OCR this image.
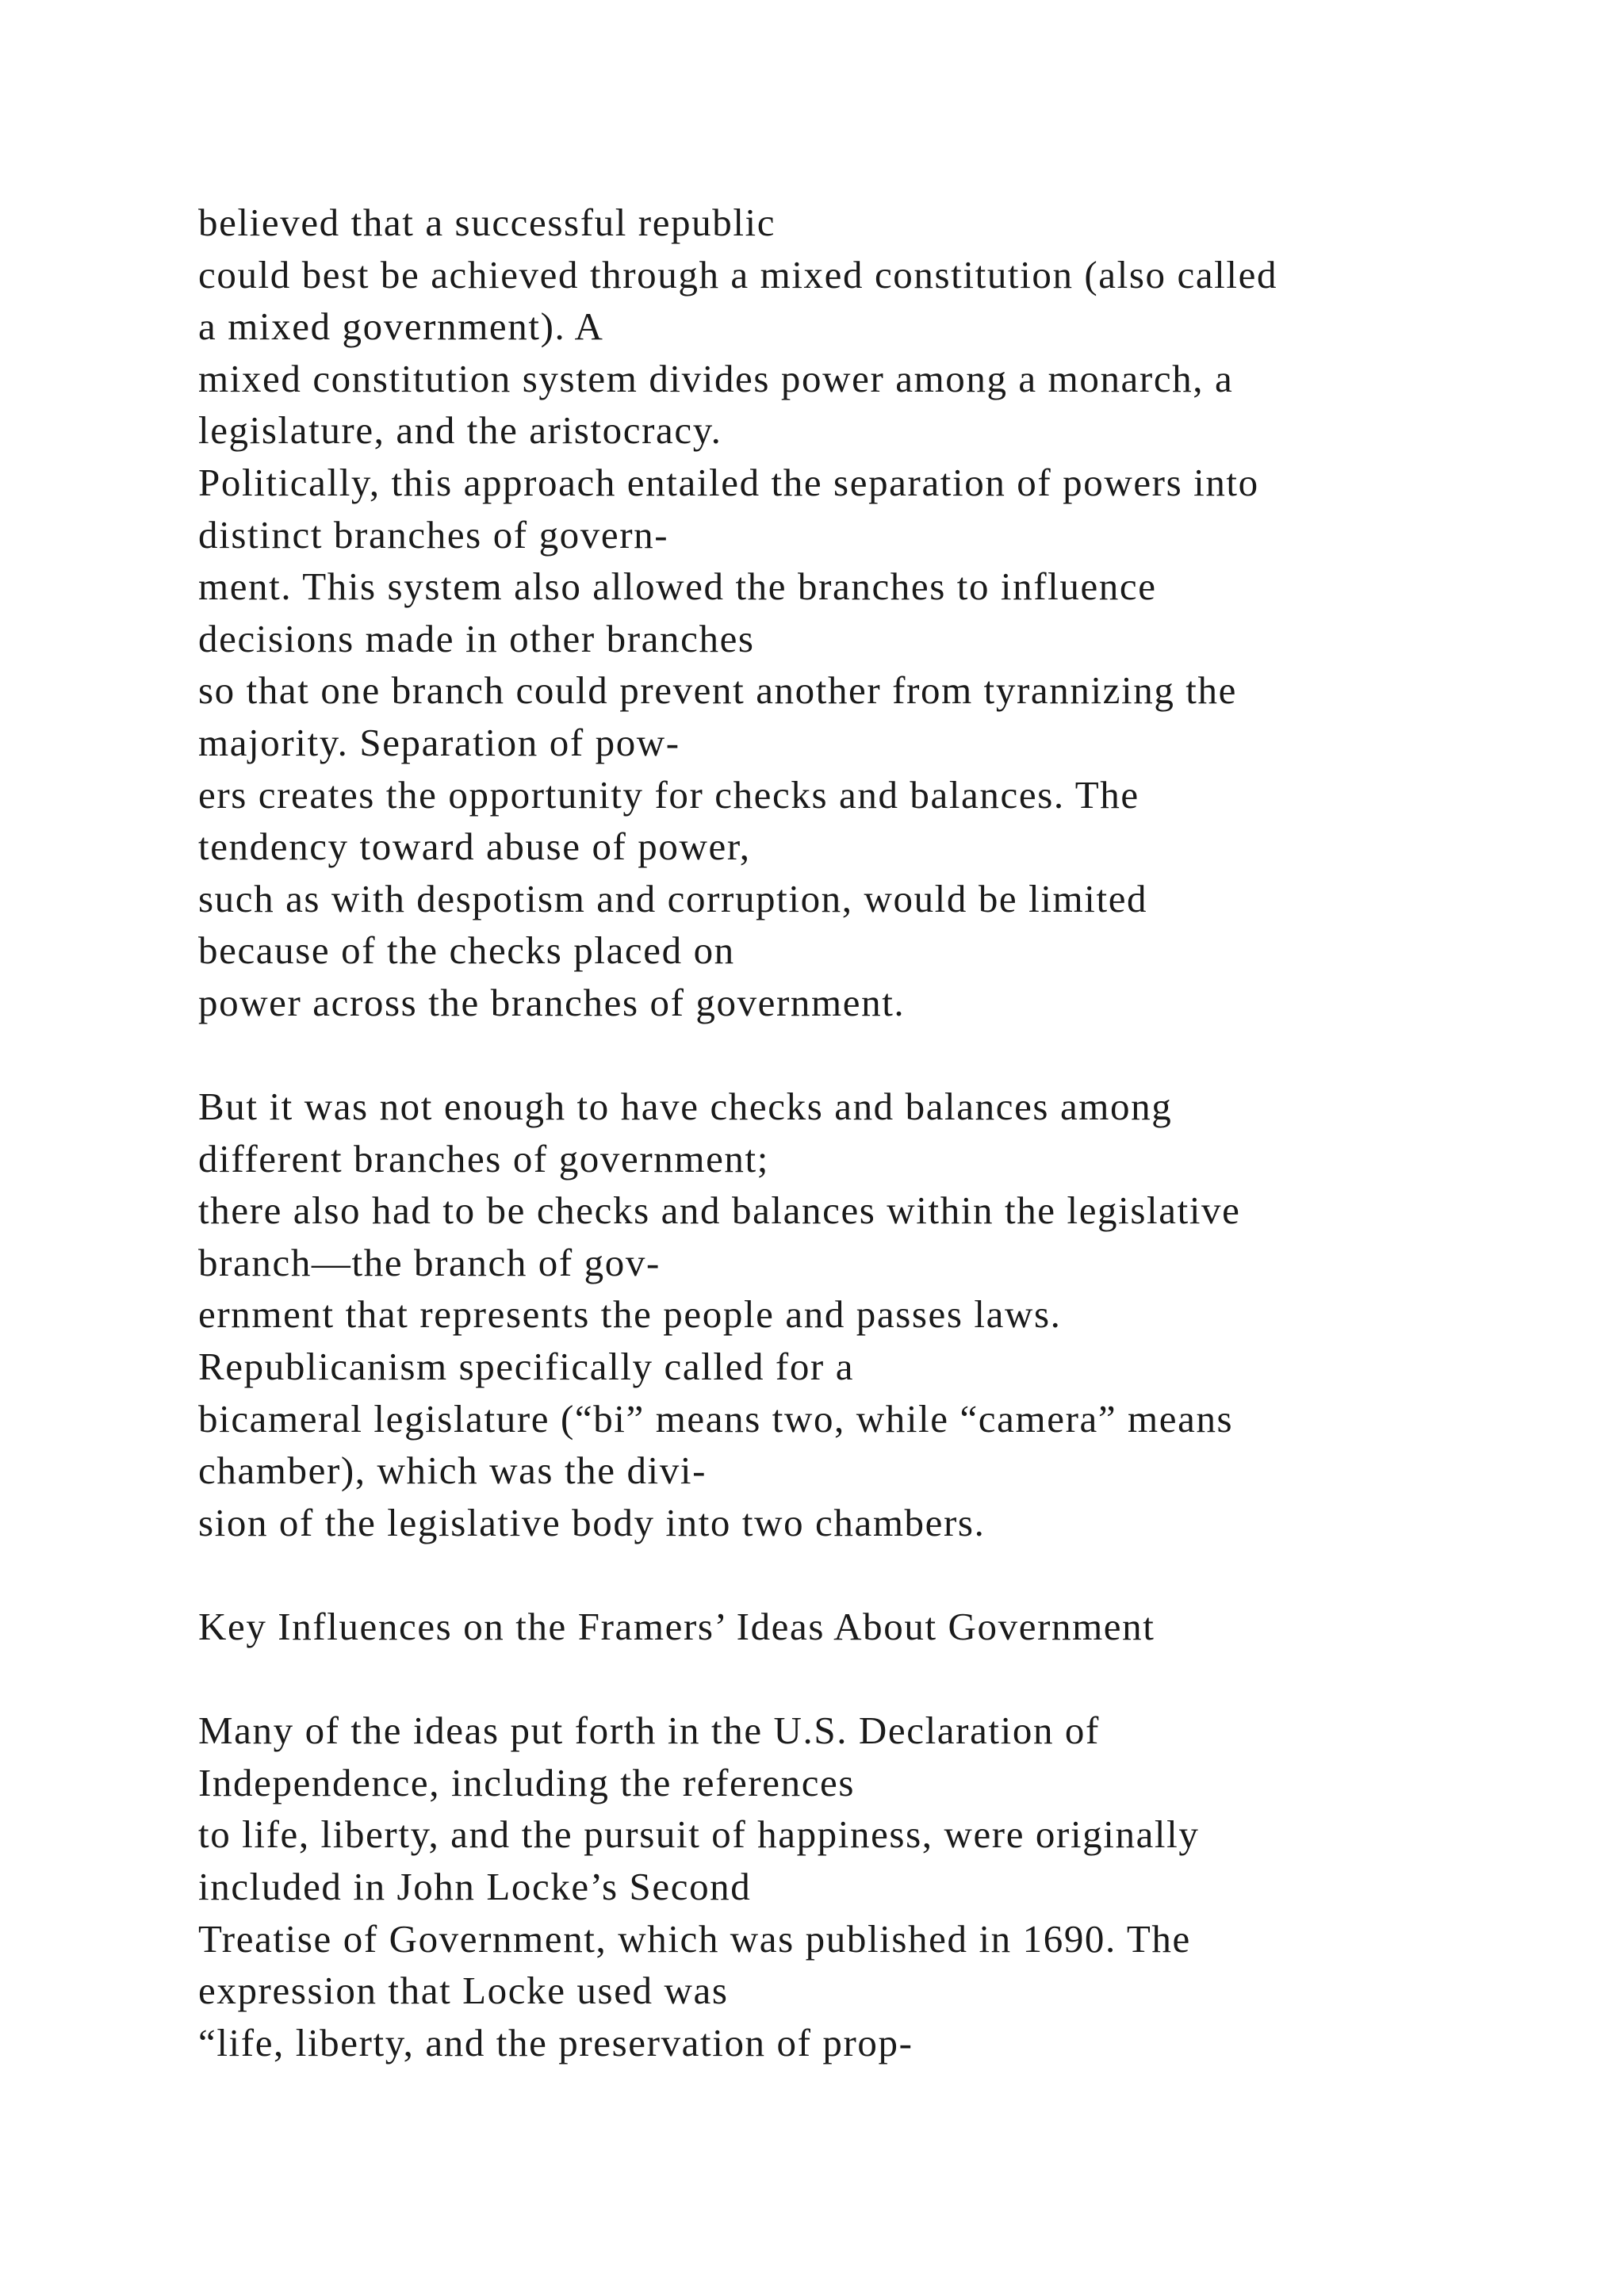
believed that a successful republic
could best be achieved through a mixed constitution (also called
a mixed government). A
mixed constitution system divides power among a monarch, a
legislature, and the aristocracy.
Politically, this approach entailed the separation of powers into
distinct branches of govern-
ment. This system also allowed the branches to influence
decisions made in other branches
so that one branch could prevent another from tyrannizing the
majority. Separation of pow-
ers creates the opportunity for checks and balances. The
tendency toward abuse of power,
such as with despotism and corruption, would be limited
because of the checks placed on
power across the branches of government.
But it was not enough to have checks and balances among
different branches of government;
there also had to be checks and balances within the legislative
branch—the branch of gov-
ernment that represents the people and passes laws.
Republicanism specifically called for a
bicameral legislature (“bi” means two, while “camera” means
chamber), which was the divi-
sion of the legislative body into two chambers.
Key Influences on the Framers’ Ideas About Government
Many of the ideas put forth in the U.S. Declaration of
Independence, including the references
to life, liberty, and the pursuit of happiness, were originally
included in John Locke’s Second
Treatise of Government, which was published in 1690. The
expression that Locke used was
“life, liberty, and the preservation of prop-
